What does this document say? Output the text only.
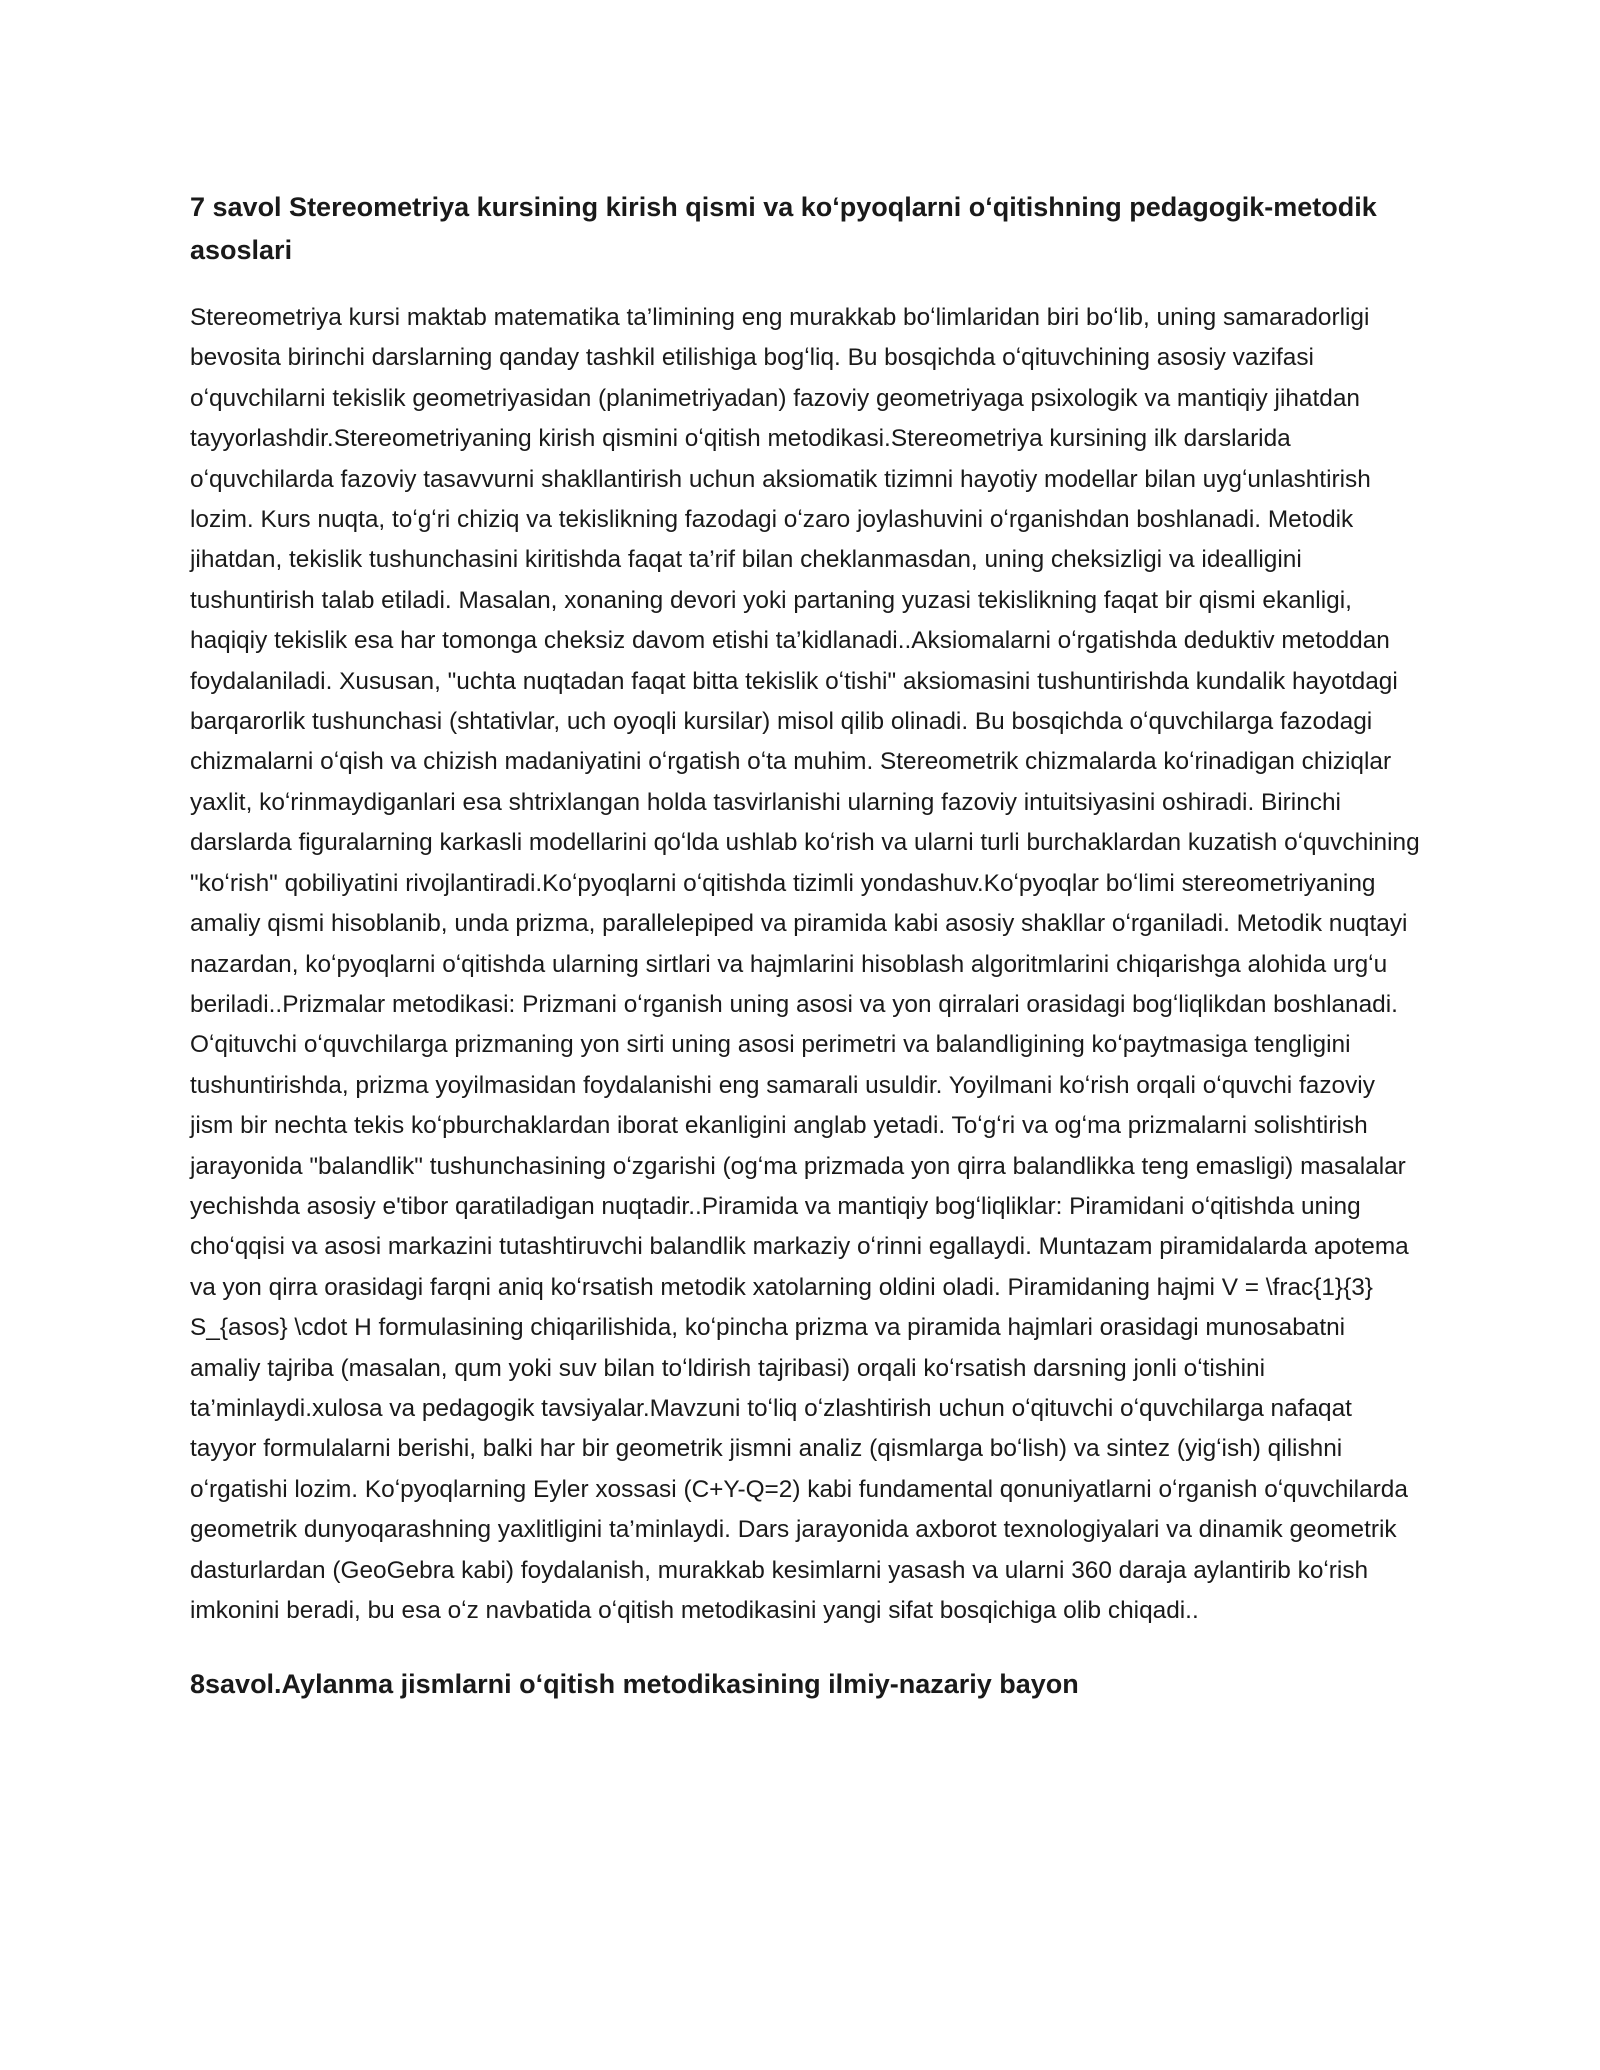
7 savol Stereometriya kursining kirish qismi va koʻpyoqlarni oʻqitishning pedagogik-metodik asoslari

Stereometriya kursi maktab matematika ta’limining eng murakkab boʻlimlaridan biri boʻlib, uning samaradorligi bevosita birinchi darslarning qanday tashkil etilishiga bogʻliq. Bu bosqichda oʻqituvchining asosiy vazifasi oʻquvchilarni tekislik geometriyasidan (planimetriyadan) fazoviy geometriyaga psixologik va mantiqiy jihatdan tayyorlashdir.Stereometriyaning kirish qismini oʻqitish metodikasi.Stereometriya kursining ilk darslarida oʻquvchilarda fazoviy tasavvurni shakllantirish uchun aksiomatik tizimni hayotiy modellar bilan uygʻunlashtirish lozim. Kurs nuqta, toʻgʻri chiziq va tekislikning fazodagi oʻzaro joylashuvini oʻrganishdan boshlanadi. Metodik jihatdan, tekislik tushunchasini kiritishda faqat ta’rif bilan cheklanmasdan, uning cheksizligi va idealligini tushuntirish talab etiladi. Masalan, xonaning devori yoki partaning yuzasi tekislikning faqat bir qismi ekanligi, haqiqiy tekislik esa har tomonga cheksiz davom etishi ta’kidlanadi..Aksiomalarni oʻrgatishda deduktiv metoddan foydalaniladi. Xususan, "uchta nuqtadan faqat bitta tekislik oʻtishi" aksiomasini tushuntirishda kundalik hayotdagi barqarorlik tushunchasi (shtativlar, uch oyoqli kursilar) misol qilib olinadi. Bu bosqichda oʻquvchilarga fazodagi chizmalarni oʻqish va chizish madaniyatini oʻrgatish oʻta muhim. Stereometrik chizmalarda koʻrinadigan chiziqlar yaxlit, koʻrinmaydiganlari esa shtrixlangan holda tasvirlanishi ularning fazoviy intuitsiyasini oshiradi. Birinchi darslarda figuralarning karkasli modellarini qoʻlda ushlab koʻrish va ularni turli burchaklardan kuzatish oʻquvchining "koʻrish" qobiliyatini rivojlantiradi.Koʻpyoqlarni oʻqitishda tizimli yondashuv.Koʻpyoqlar boʻlimi stereometriyaning amaliy qismi hisoblanib, unda prizma, parallelepiped va piramida kabi asosiy shakllar oʻrganiladi. Metodik nuqtayi nazardan, koʻpyoqlarni oʻqitishda ularning sirtlari va hajmlarini hisoblash algoritmlarini chiqarishga alohida urgʻu beriladi..Prizmalar metodikasi: Prizmani oʻrganish uning asosi va yon qirralari orasidagi bogʻliqlikdan boshlanadi. Oʻqituvchi oʻquvchilarga prizmaning yon sirti uning asosi perimetri va balandligining koʻpaytmasiga tengligini tushuntirishda, prizma yoyilmasidan foydalanishi eng samarali usuldir. Yoyilmani koʻrish orqali oʻquvchi fazoviy jism bir nechta tekis koʻpburchaklardan iborat ekanligini anglab yetadi. Toʻgʻri va ogʻma prizmalarni solishtirish jarayonida "balandlik" tushunchasining oʻzgarishi (ogʻma prizmada yon qirra balandlikka teng emasligi) masalalar yechishda asosiy e'tibor qaratiladigan nuqtadir..Piramida va mantiqiy bogʻliqliklar: Piramidani oʻqitishda uning choʻqqisi va asosi markazini tutashtiruvchi balandlik markaziy oʻrinni egallaydi. Muntazam piramidalarda apotema va yon qirra orasidagi farqni aniq koʻrsatish metodik xatolarning oldini oladi. Piramidaning hajmi V = \frac{1}{3} S_{asos} \cdot H formulasining chiqarilishida, koʻpincha prizma va piramida hajmlari orasidagi munosabatni amaliy tajriba (masalan, qum yoki suv bilan toʻldirish tajribasi) orqali koʻrsatish darsning jonli oʻtishini ta’minlaydi.xulosa va pedagogik tavsiyalar.Mavzuni toʻliq oʻzlashtirish uchun oʻqituvchi oʻquvchilarga nafaqat tayyor formulalarni berishi, balki har bir geometrik jismni analiz (qismlarga boʻlish) va sintez (yigʻish) qilishni oʻrgatishi lozim. Koʻpyoqlarning Eyler xossasi (C+Y-Q=2) kabi fundamental qonuniyatlarni oʻrganish oʻquvchilarda geometrik dunyoqarashning yaxlitligini ta’minlaydi. Dars jarayonida axborot texnologiyalari va dinamik geometrik dasturlardan (GeoGebra kabi) foydalanish, murakkab kesimlarni yasash va ularni 360 daraja aylantirib koʻrish imkonini beradi, bu esa oʻz navbatida oʻqitish metodikasini yangi sifat bosqichiga olib chiqadi..

8savol.Aylanma jismlarni oʻqitish metodikasining ilmiy-nazariy bayon
